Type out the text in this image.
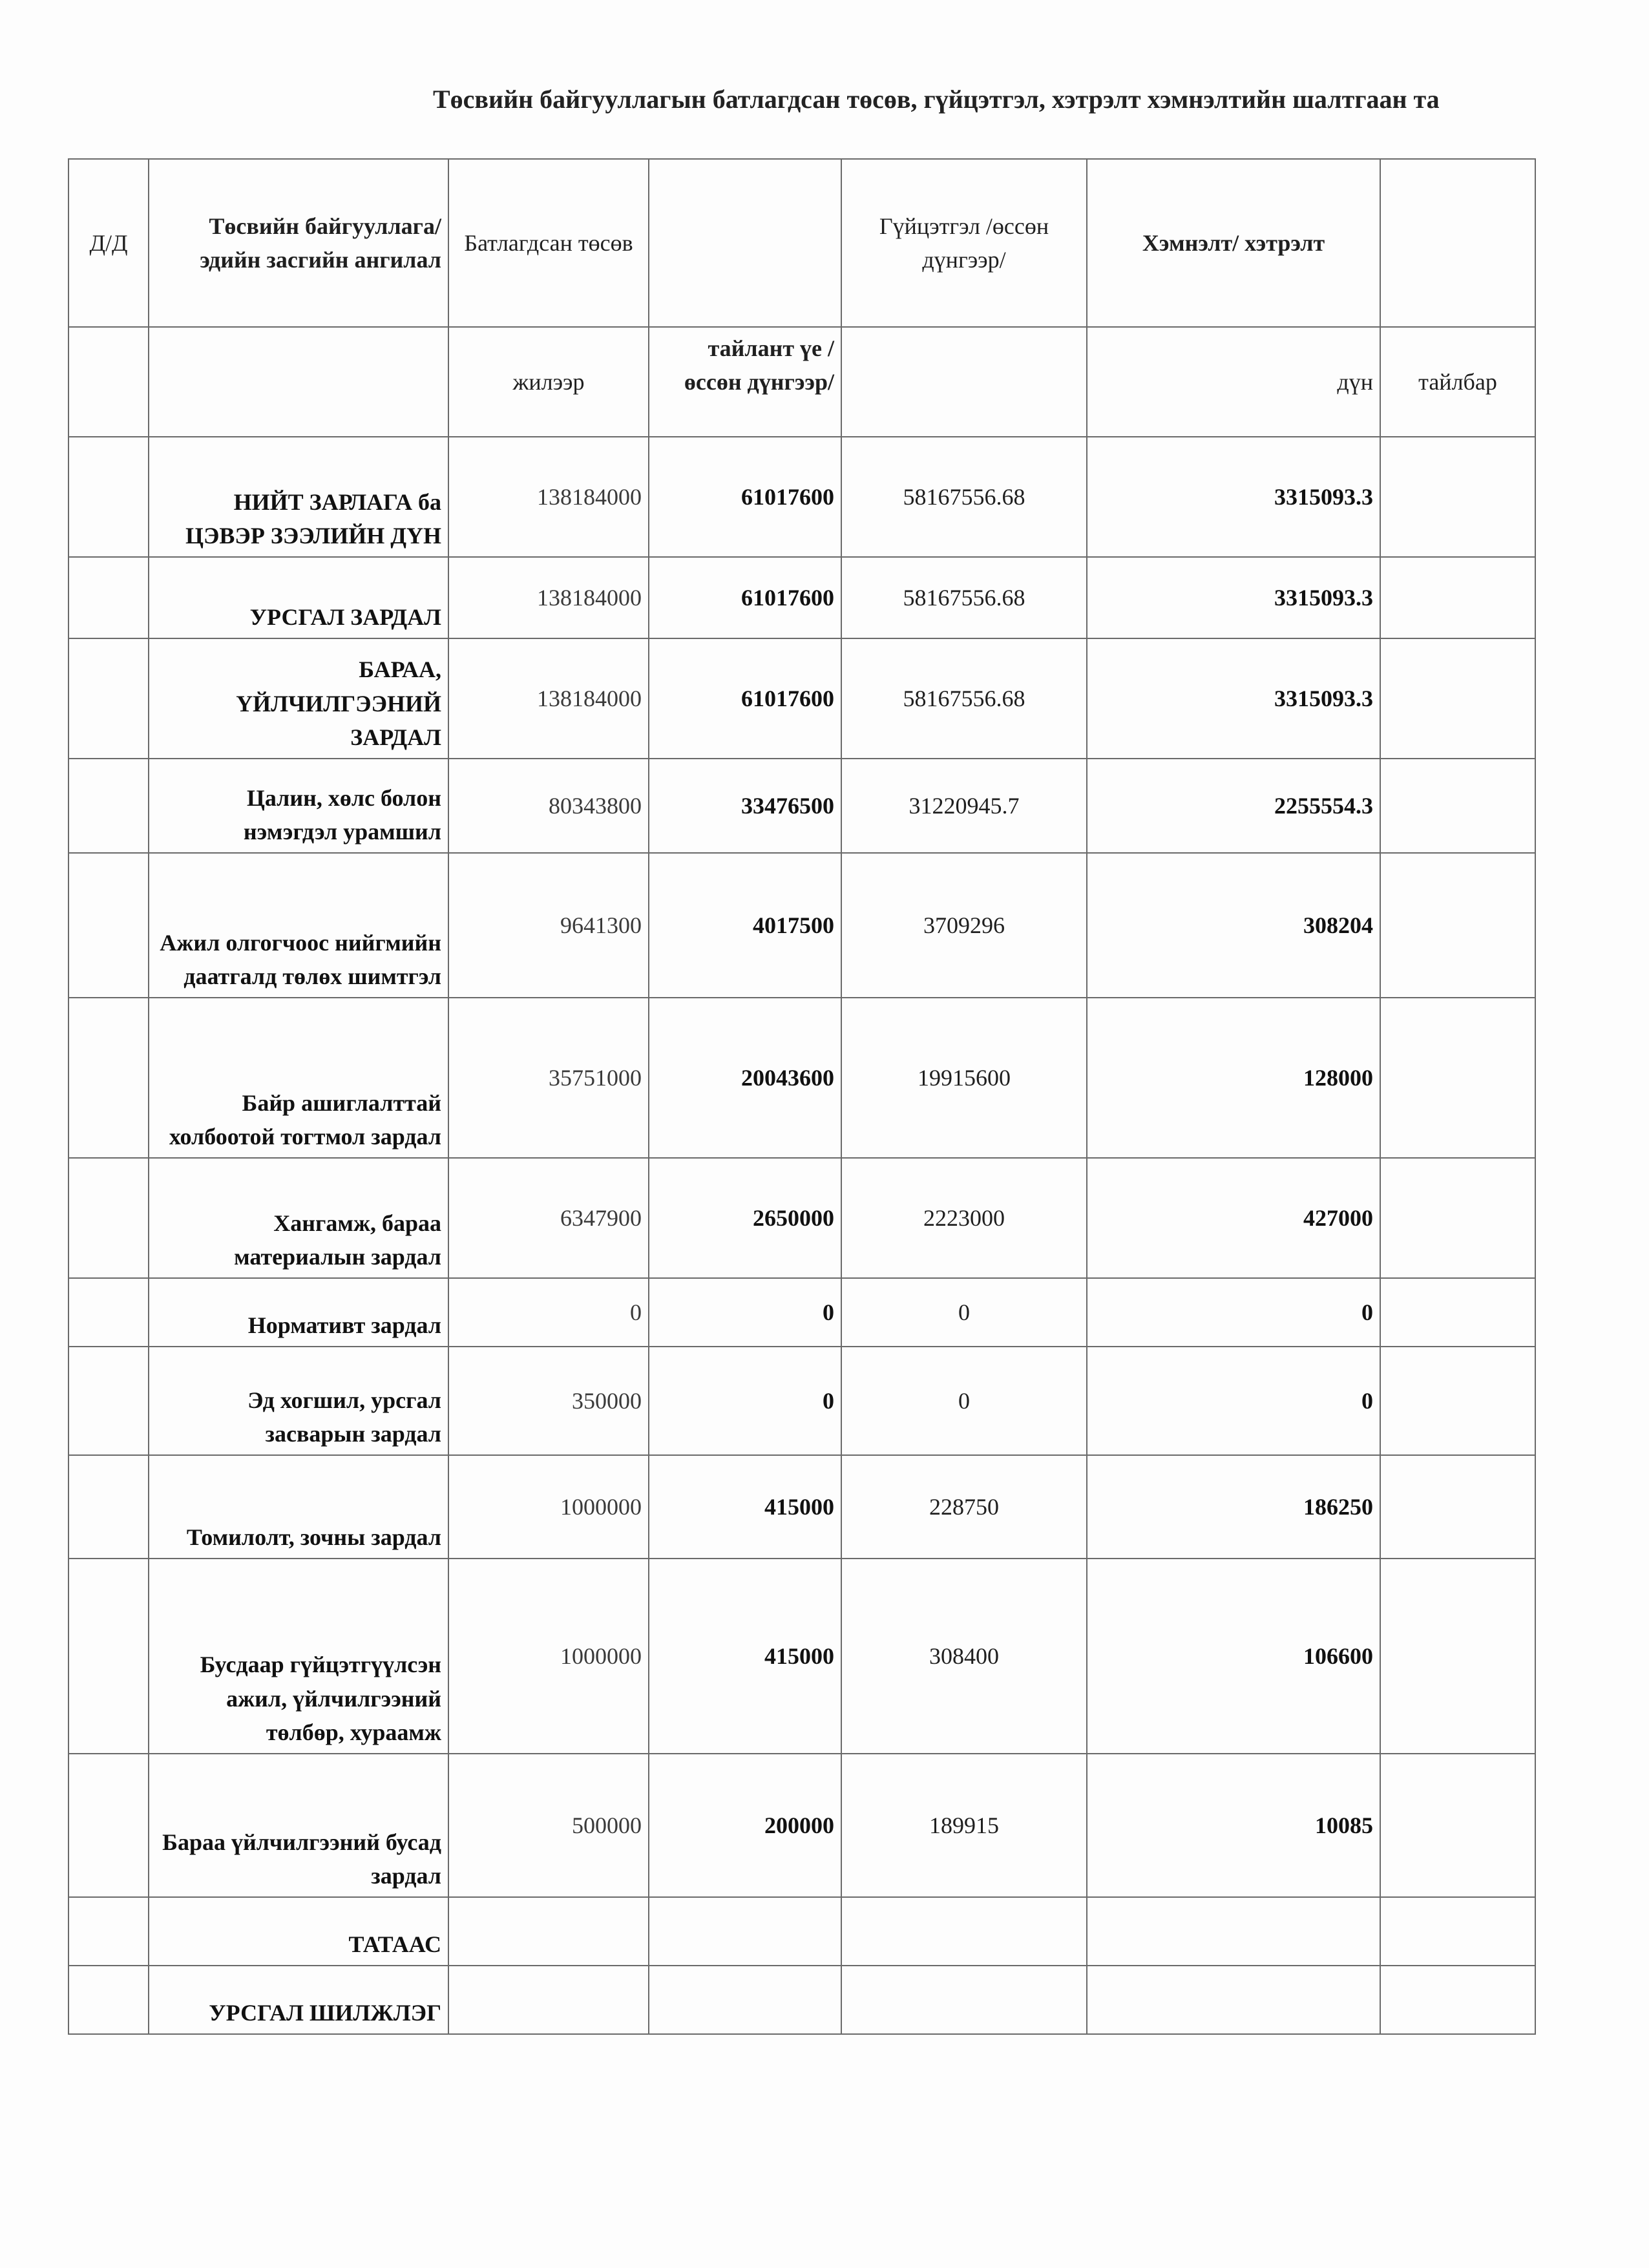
Төсвийн байгууллагын батлагдсан төсөв, гүйцэтгэл, хэтрэлт хэмнэлтийн шалтгаан та
Д/Д	Төсвийн байгууллага/ эдийн засгийн ангилал	Батлагдсан төсөв		Гүйцэтгэл /өссөн дүнгээр/	Хэмнэлт/ хэтрэлт	
		жилээр	тайлант үе /өссөн дүнгээр/		дүн	тайлбар
	НИЙТ ЗАРЛАГА ба ЦЭВЭР ЗЭЭЛИЙН ДҮН	138184000	61017600	58167556.68	3315093.3	
	УРСГАЛ ЗАРДАЛ	138184000	61017600	58167556.68	3315093.3	
	БАРАА, ҮЙЛЧИЛГЭЭНИЙ ЗАРДАЛ	138184000	61017600	58167556.68	3315093.3	
	Цалин, хөлс болон нэмэгдэл урамшил	80343800	33476500	31220945.7	2255554.3	
	Ажил олгогчоос нийгмийн даатгалд төлөх шимтгэл	9641300	4017500	3709296	308204	
	Байр ашиглалттай холбоотой тогтмол зардал	35751000	20043600	19915600	128000	
	Хангамж, бараа материалын зардал	6347900	2650000	2223000	427000	
	Нормативт зардал	0	0	0	0	
	Эд хогшил, урсгал засварын зардал	350000	0	0	0	
	Томилолт, зочны зардал	1000000	415000	228750	186250	
	Бусдаар гүйцэтгүүлсэн ажил, үйлчилгээний төлбөр, хураамж	1000000	415000	308400	106600	
	Бараа үйлчилгээний бусад зардал	500000	200000	189915	10085	
	ТАТААС					
	УРСГАЛ ШИЛЖЛЭГ					
